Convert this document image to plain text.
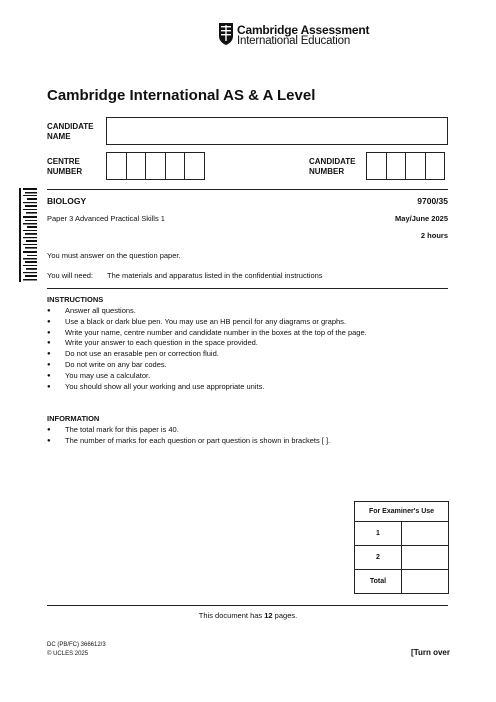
Cambridge Assessment
International Education
Cambridge International AS & A Level
CANDIDATE
NAME
CENTRE
NUMBER
CANDIDATE
NUMBER
BIOLOGY	9700/35
Paper 3 Advanced Practical Skills 1	May/June 2025
2 hours
You must answer on the question paper.
You will need: The materials and apparatus listed in the confidential instructions
INSTRUCTIONS
● Answer all questions.
● Use a black or dark blue pen. You may use an HB pencil for any diagrams or graphs.
● Write your name, centre number and candidate number in the boxes at the top of the page.
● Write your answer to each question in the space provided.
● Do not use an erasable pen or correction fluid.
● Do not write on any bar codes.
● You may use a calculator.
● You should show all your working and use appropriate units.
INFORMATION
● The total mark for this paper is 40.
● The number of marks for each question or part question is shown in brackets [ ].
For Examiner's Use	
1	
2	
Total	
This document has 12 pages.
DC (PB/FC) 366612/3
© UCLES 2025	[Turn over
